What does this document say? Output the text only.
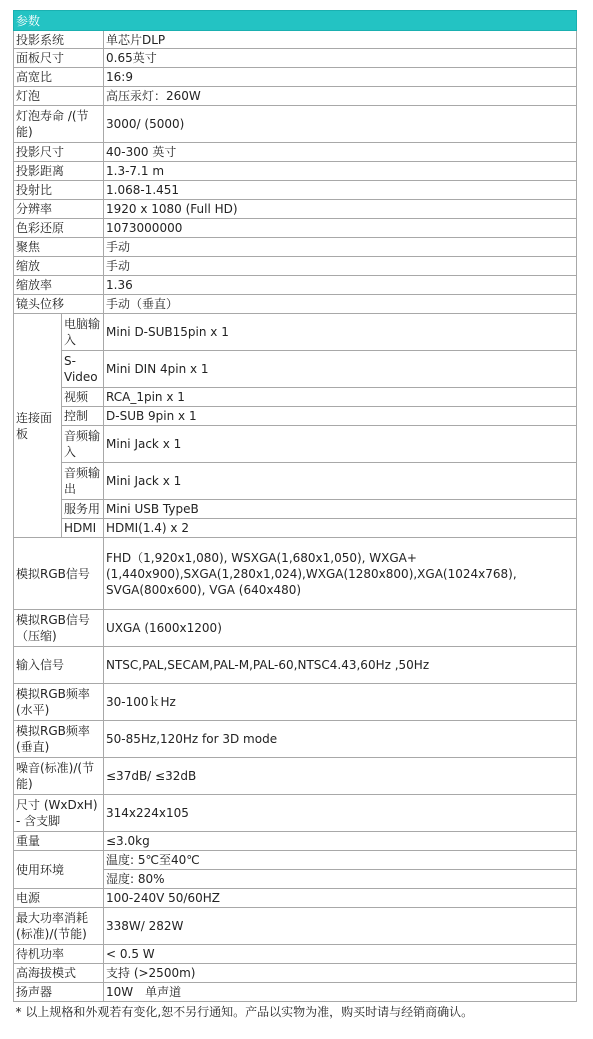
参数		
投影系统		单芯片DLP
面板尺寸		0.65英寸
高宽比		16:9
灯泡		高压汞灯：260W
灯泡寿命 /(节能)		3000/ (5000)
投影尺寸		40-300 英寸
投影距离		1.3-7.1 m
投射比		1.068-1.451
分辨率		1920 x 1080 (Full HD)
色彩还原		1073000000
聚焦		手动
缩放		手动
缩放率		1.36
镜头位移		手动（垂直）
连接面板	电脑输入	Mini D-SUB15pin x 1
	S-Video	Mini DIN 4pin x 1
	视频	RCA_1pin x 1
	控制	D-SUB 9pin x 1
	音频输入	Mini Jack x 1
	音频输出	Mini Jack x 1
	服务用	Mini USB TypeB
	HDMI	HDMI(1.4) x 2
模拟RGB信号		FHD（1,920x1,080), WSXGA(1,680x1,050), WXGA+(1,440x900),SXGA(1,280x1,024),WXGA(1280x800),XGA(1024x768), SVGA(800x600), VGA (640x480)
模拟RGB信号（压缩)		UXGA (1600x1200)
输入信号		NTSC,PAL,SECAM,PAL-M,PAL-60,NTSC4.43,60Hz ,50Hz
模拟RGB频率(水平)		30-100ｋHz
模拟RGB频率(垂直)		50-85Hz,120Hz for 3D mode
噪音(标准)/(节能)		≤37dB/ ≤32dB
尺寸 (WxDxH) - 含支脚		314x224x105
重量		≤3.0kg
使用环境		温度: 5℃至40℃
		湿度: 80%
电源		100-240V 50/60HZ
最大功率消耗 (标准)/(节能)		338W/ 282W
待机功率		< 0.5 W
高海拔模式		支持 (>2500m)
扬声器		10W　单声道
* 以上规格和外观若有变化,恕不另行通知。产品以实物为准，购买时请与经销商确认。		
